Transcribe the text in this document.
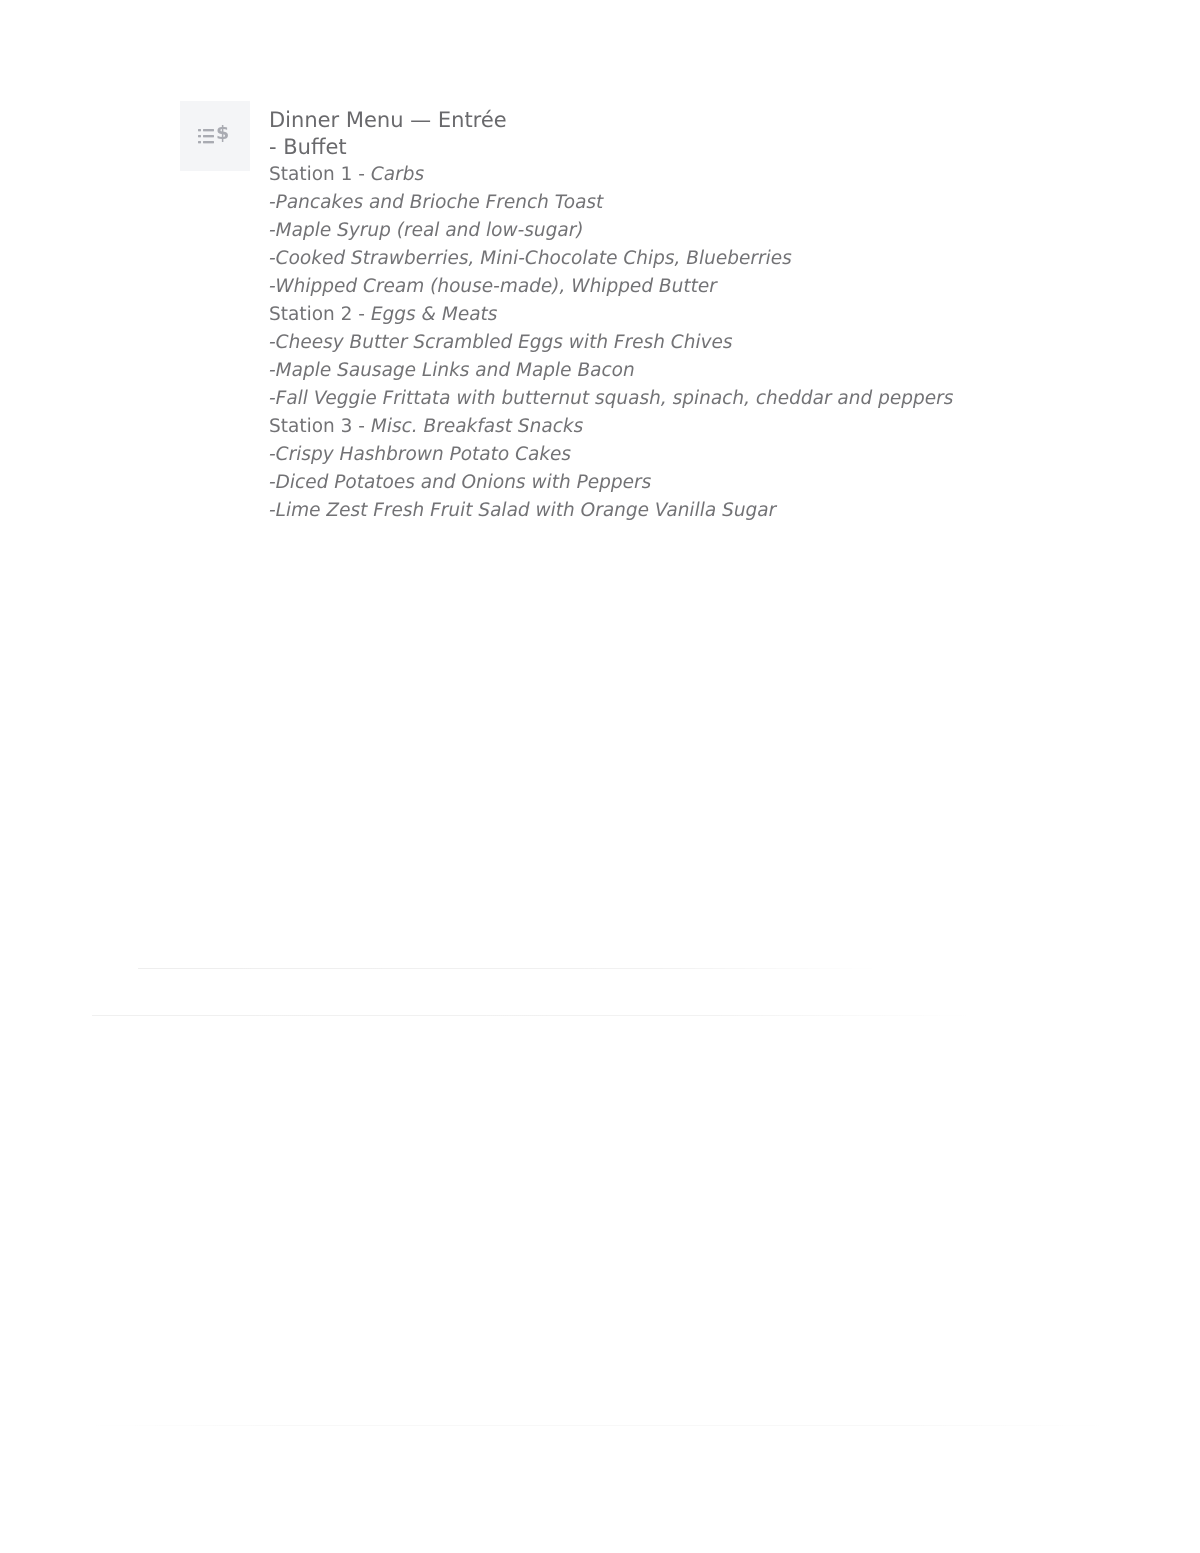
$
Dinner Menu — Entrée
- Buffet
Station 1 - Carbs
-Pancakes and Brioche French Toast
-Maple Syrup (real and low-sugar)
-Cooked Strawberries, Mini-Chocolate Chips, Blueberries
-Whipped Cream (house-made), Whipped Butter
Station 2 - Eggs & Meats
-Cheesy Butter Scrambled Eggs with Fresh Chives
-Maple Sausage Links and Maple Bacon
-Fall Veggie Frittata with butternut squash, spinach, cheddar and peppers
Station 3 - Misc. Breakfast Snacks
-Crispy Hashbrown Potato Cakes
-Diced Potatoes and Onions with Peppers
-Lime Zest Fresh Fruit Salad with Orange Vanilla Sugar
